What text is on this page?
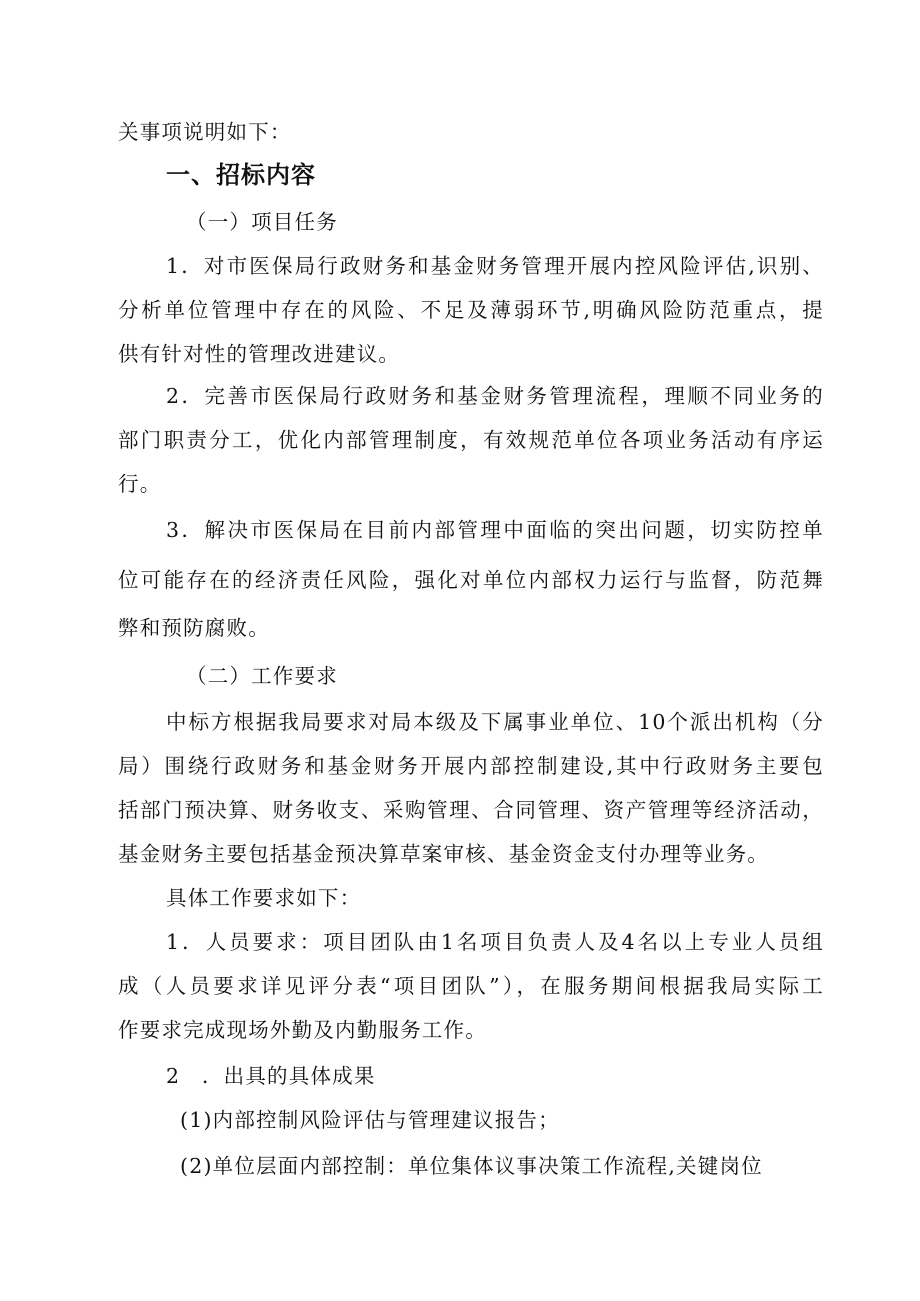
关事项说明如下：
一、招标内容
（一）项目任务
1．对市医保局行政财务和基金财务管理开展内控风险评估,识别、
分析单位管理中存在的风险、不足及薄弱环节,明确风险防范重点，提
供有针对性的管理改进建议。
2．完善市医保局行政财务和基金财务管理流程，理顺不同业务的
部门职责分工，优化内部管理制度，有效规范单位各项业务活动有序运
行。
3．解决市医保局在目前内部管理中面临的突出问题，切实防控单
位可能存在的经济责任风险，强化对单位内部权力运行与监督，防范舞
弊和预防腐败。
（二）工作要求
中标方根据我局要求对局本级及下属事业单位、10个派出机构（分
局）围绕行政财务和基金财务开展内部控制建设,其中行政财务主要包
括部门预决算、财务收支、采购管理、合同管理、资产管理等经济活动，
基金财务主要包括基金预决算草案审核、基金资金支付办理等业务。
具体工作要求如下：
1．人员要求：项目团队由1名项目负责人及4名以上专业人员组
成（人员要求详见评分表“项目团队”），在服务期间根据我局实际工
作要求完成现场外勤及内勤服务工作。
2　．出具的具体成果
(1)内部控制风险评估与管理建议报告；
(2)单位层面内部控制：单位集体议事决策工作流程,关键岗位
